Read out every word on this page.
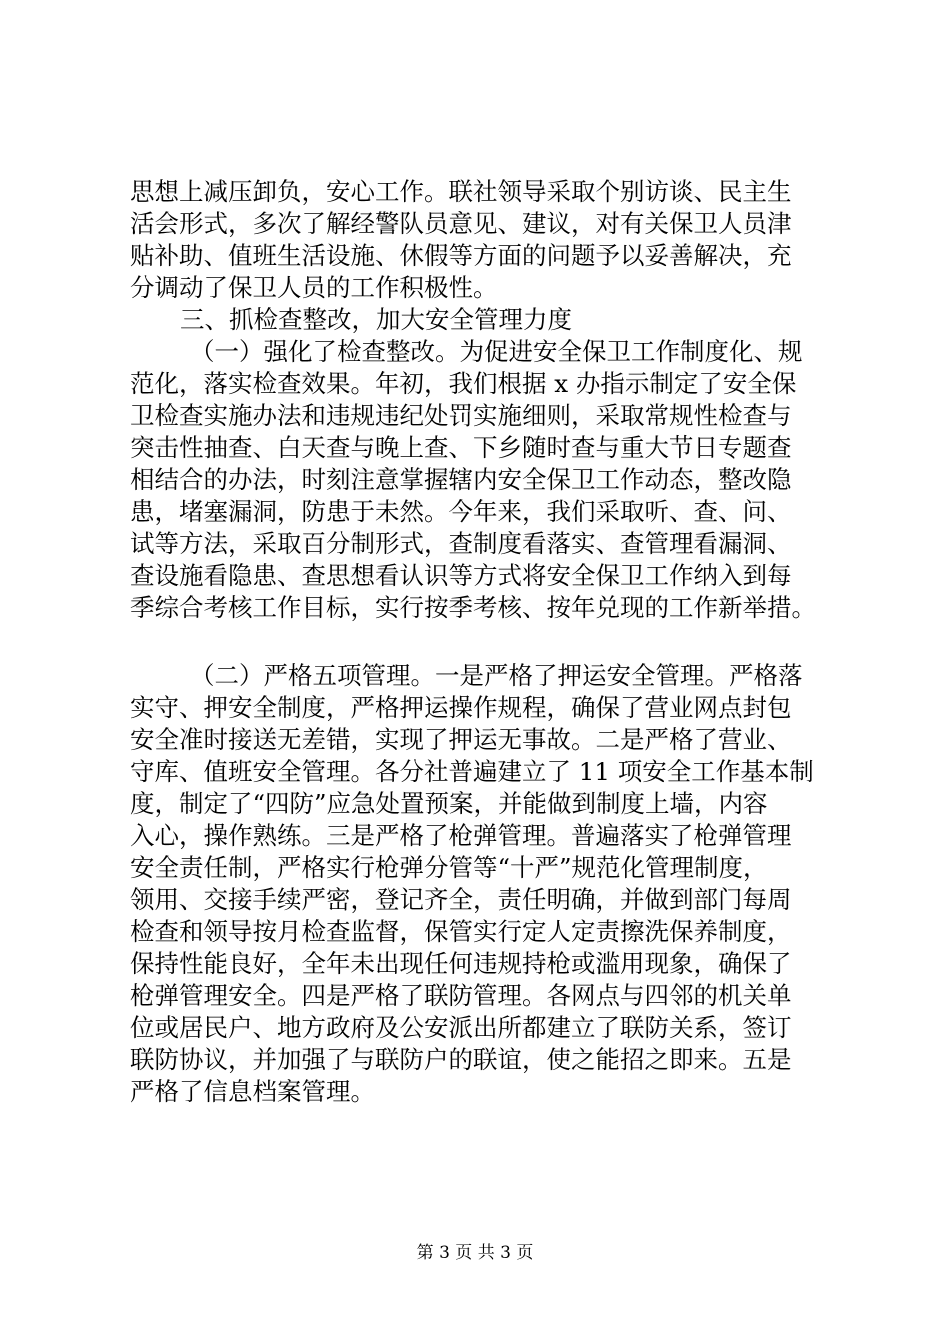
思想上减压卸负，安心工作。联社领导采取个别访谈、民主生
活会形式，多次了解经警队员意见、建议，对有关保卫人员津
贴补助、值班生活设施、休假等方面的问题予以妥善解决，充
分调动了保卫人员的工作积极性。
三、抓检查整改，加大安全管理力度
（一）强化了检查整改。为促进安全保卫工作制度化、规
范化，落实检查效果。年初，我们根据 x 办指示制定了安全保
卫检查实施办法和违规违纪处罚实施细则，采取常规性检查与
突击性抽查、白天查与晚上查、下乡随时查与重大节日专题查
相结合的办法，时刻注意掌握辖内安全保卫工作动态，整改隐
患，堵塞漏洞，防患于未然。今年来，我们采取听、查、问、
试等方法，采取百分制形式，查制度看落实、查管理看漏洞、
查设施看隐患、查思想看认识等方式将安全保卫工作纳入到每
季综合考核工作目标，实行按季考核、按年兑现的工作新举措。
（二）严格五项管理。一是严格了押运安全管理。严格落
实守、押安全制度，严格押运操作规程，确保了营业网点封包
安全准时接送无差错，实现了押运无事故。二是严格了营业、
守库、值班安全管理。各分社普遍建立了 11 项安全工作基本制
度，制定了“四防”应急处置预案，并能做到制度上墙，内容
入心，操作熟练。三是严格了枪弹管理。普遍落实了枪弹管理
安全责任制，严格实行枪弹分管等“十严”规范化管理制度，
领用、交接手续严密，登记齐全，责任明确，并做到部门每周
检查和领导按月检查监督，保管实行定人定责擦洗保养制度，
保持性能良好，全年未出现任何违规持枪或滥用现象，确保了
枪弹管理安全。四是严格了联防管理。各网点与四邻的机关单
位或居民户、地方政府及公安派出所都建立了联防关系，签订
联防协议，并加强了与联防户的联谊，使之能招之即来。五是
严格了信息档案管理。
第 3 页 共 3 页
